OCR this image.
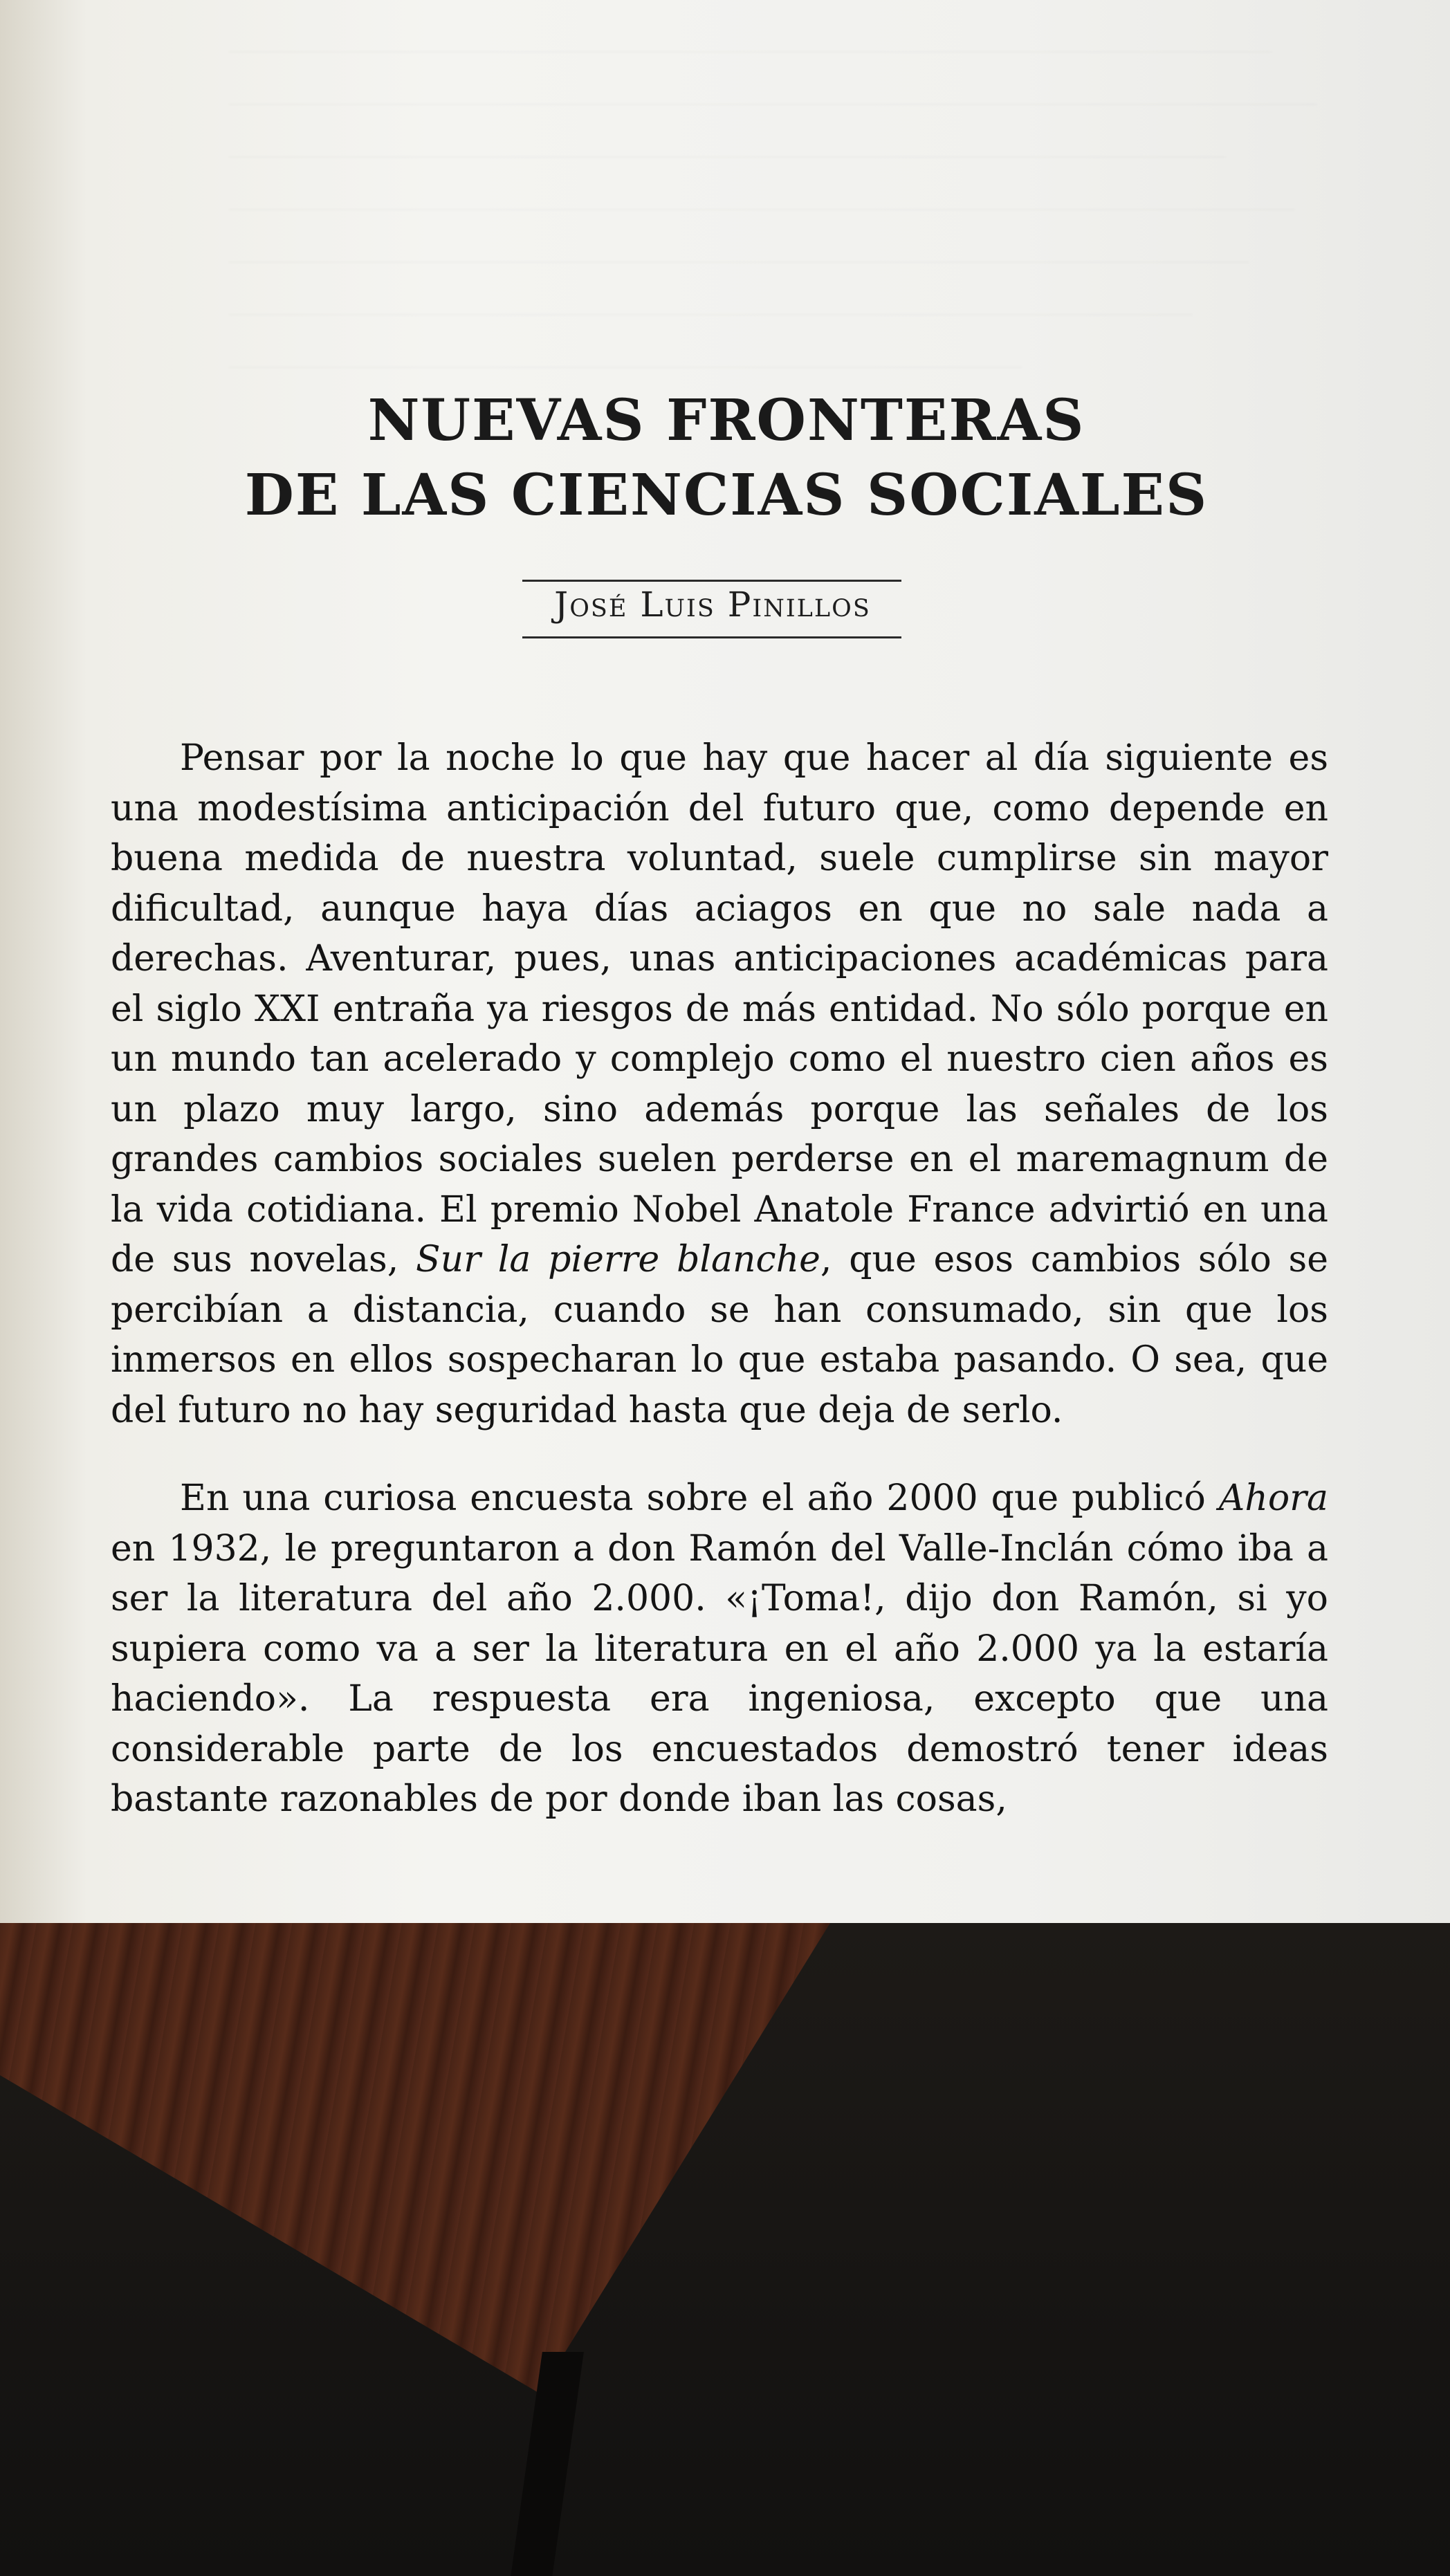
NUEVAS FRONTERAS
DE LAS CIENCIAS SOCIALES
José Luis Pinillos

Pensar por la noche lo que hay que hacer al día siguiente es una modestísima anticipación del futuro que, como depende en buena medida de nuestra voluntad, suele cumplirse sin mayor dificultad, aunque haya días aciagos en que no sale nada a derechas. Aventurar, pues, unas anticipaciones académicas para el siglo XXI entraña ya riesgos de más entidad. No sólo porque en un mundo tan acelerado y complejo como el nuestro cien años es un plazo muy largo, sino además porque las señales de los grandes cambios sociales suelen perderse en el maremagnum de la vida cotidiana. El premio Nobel Anatole France advirtió en una de sus novelas, Sur la pierre blanche, que esos cambios sólo se percibían a distancia, cuando se han consumado, sin que los inmersos en ellos sospecharan lo que estaba pasando. O sea, que del futuro no hay seguridad hasta que deja de serlo.

En una curiosa encuesta sobre el año 2000 que publicó Ahora en 1932, le preguntaron a don Ramón del Valle-Inclán cómo iba a ser la literatura del año 2.000. «¡Toma!, dijo don Ramón, si yo supiera como va a ser la literatura en el año 2.000 ya la estaría haciendo». La respuesta era ingeniosa, excepto que una considerable parte de los encuestados demostró tener ideas bastante razonables de por donde iban las cosas,
